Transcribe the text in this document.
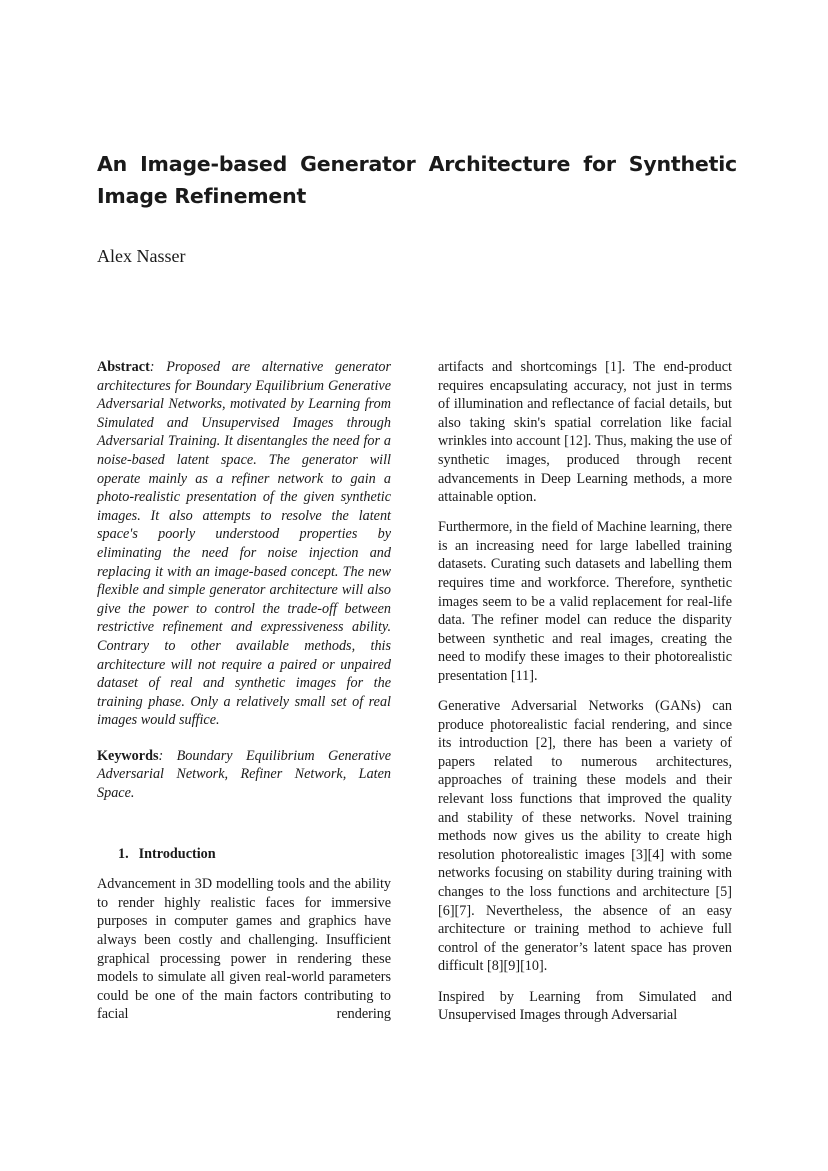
An Image-based Generator Architecture for Synthetic Image Refinement
Alex Nasser

Abstract: Proposed are alternative generator architectures for Boundary Equilibrium Generative Adversarial Networks, motivated by Learning from Simulated and Unsupervised Images through Adversarial Training. It disentangles the need for a noise-based latent space. The generator will operate mainly as a refiner network to gain a photo-realistic presentation of the given synthetic images. It also attempts to resolve the latent space's poorly understood properties by eliminating the need for noise injection and replacing it with an image-based concept. The new flexible and simple generator architecture will also give the power to control the trade-off between restrictive refinement and expressiveness ability. Contrary to other available methods, this architecture will not require a paired or unpaired dataset of real and synthetic images for the training phase. Only a relatively small set of real images would suffice.

Keywords: Boundary Equilibrium Generative Adversarial Network, Refiner Network, Laten Space.

1. Introduction

Advancement in 3D modelling tools and the ability to render highly realistic faces for immersive purposes in computer games and graphics have always been costly and challenging. Insufficient graphical processing power in rendering these models to simulate all given real-world parameters could be one of the main factors contributing to facial rendering

artifacts and shortcomings [1]. The end-product requires encapsulating accuracy, not just in terms of illumination and reflectance of facial details, but also taking skin's spatial correlation like facial wrinkles into account [12]. Thus, making the use of synthetic images, produced through recent advancements in Deep Learning methods, a more attainable option.

Furthermore, in the field of Machine learning, there is an increasing need for large labelled training datasets. Curating such datasets and labelling them requires time and workforce. Therefore, synthetic images seem to be a valid replacement for real-life data. The refiner model can reduce the disparity between synthetic and real images, creating the need to modify these images to their photorealistic presentation [11].

Generative Adversarial Networks (GANs) can produce photorealistic facial rendering, and since its introduction [2], there has been a variety of papers related to numerous architectures, approaches of training these models and their relevant loss functions that improved the quality and stability of these networks. Novel training methods now gives us the ability to create high resolution photorealistic images [3][4] with some networks focusing on stability during training with changes to the loss functions and architecture [5][6][7]. Nevertheless, the absence of an easy architecture or training method to achieve full control of the generator’s latent space has proven difficult [8][9][10].

Inspired by Learning from Simulated and Unsupervised Images through Adversarial
